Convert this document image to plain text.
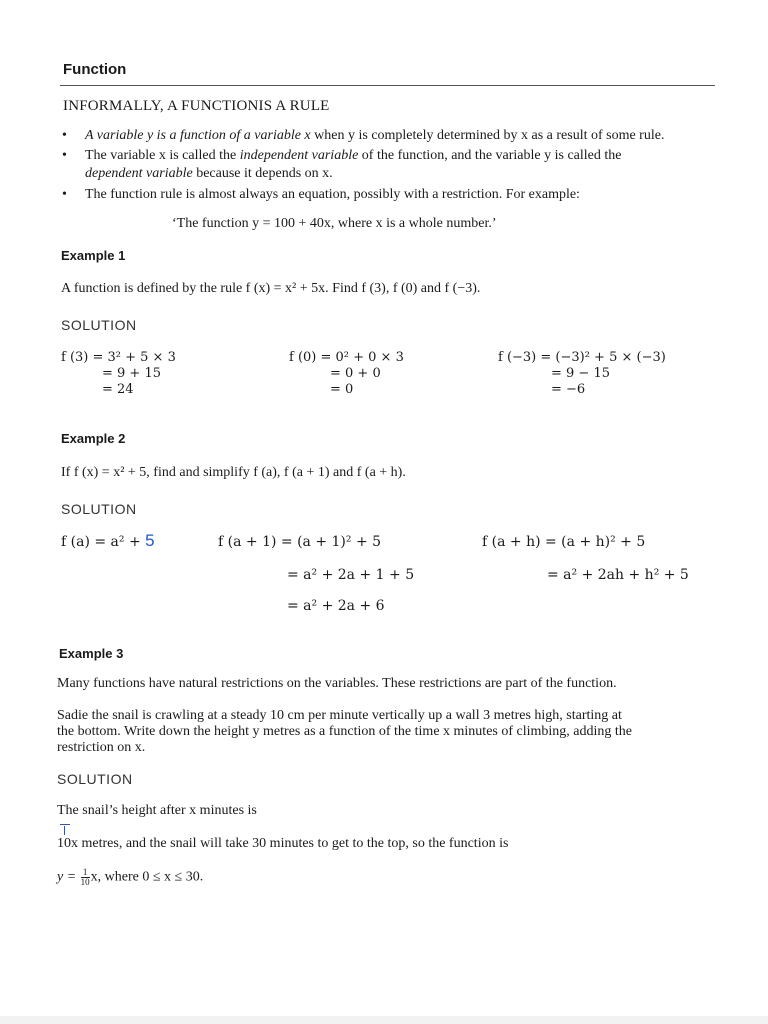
Function
INFORMALLY, A FUNCTIONIS A RULE
• A variable y is a function of a variable x when y is completely determined by x as a result of some rule.
• The variable x is called the independent variable of the function, and the variable y is called the
dependent variable because it depends on x.
• The function rule is almost always an equation, possibly with a restriction. For example:
‘The function y = 100 + 40x, where x is a whole number.’
Example 1
A function is defined by the rule f (x) = x² + 5x. Find f (3), f (0) and f (−3).
SOLUTION
f (3) = 3² + 5 × 3
= 9 + 15
= 24
f (0) = 0² + 0 × 3
= 0 + 0
= 0
f (−3) = (−3)² + 5 × (−3)
= 9 − 15
= −6
Example 2
If f (x) = x² + 5, find and simplify f (a), f (a + 1) and f (a + h).
SOLUTION
f (a) = a² + 5	f (a + 1) = (a + 1)² + 5
= a² + 2a + 1 + 5
= a² + 2a + 6
f (a + h) = (a + h)² + 5
= a² + 2ah + h² + 5
Example 3
Many functions have natural restrictions on the variables. These restrictions are part of the function.
Sadie the snail is crawling at a steady 10 cm per minute vertically up a wall 3 metres high, starting at
the bottom. Write down the height y metres as a function of the time x minutes of climbing, adding the
restriction on x.
SOLUTION
The snail’s height after x minutes is
10x metres, and the snail will take 30 minutes to get to the top, so the function is
$y = \frac{1}{10} x$, where 0 ≤ x ≤ 30.
